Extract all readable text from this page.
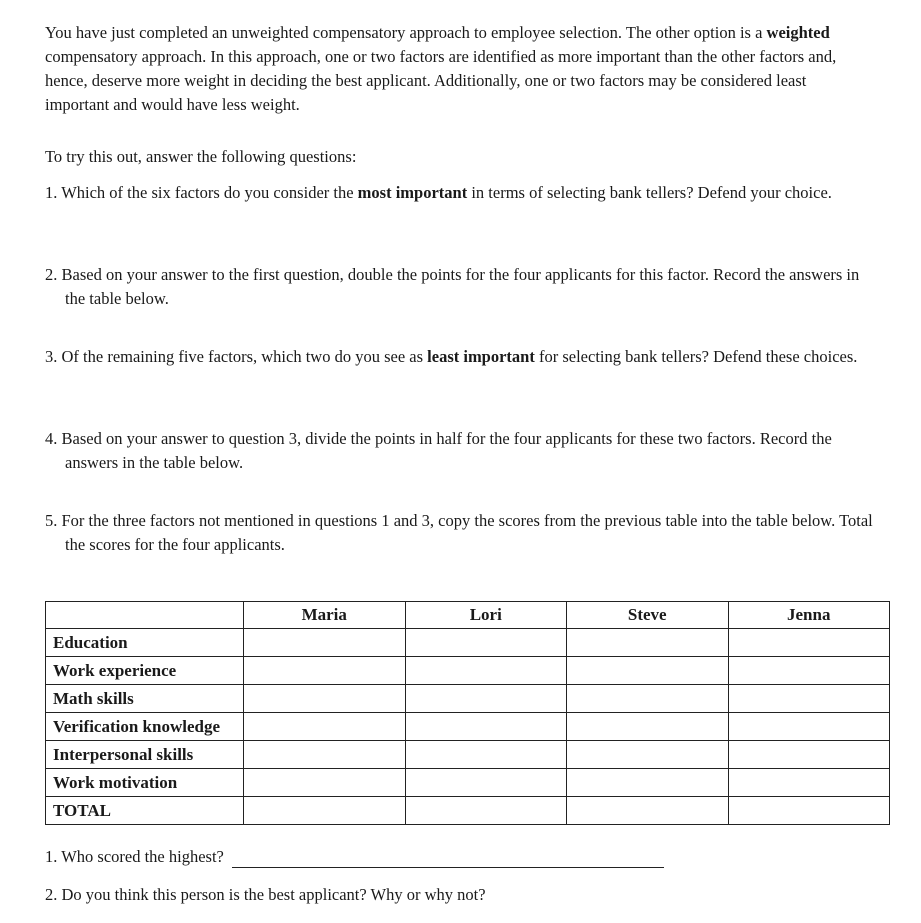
You have just completed an unweighted compensatory approach to employee selection. The other option is a weighted compensatory approach. In this approach, one or two factors are identified as more important than the other factors and, hence, deserve more weight in deciding the best applicant. Additionally, one or two factors may be considered least important and would have less weight.

To try this out, answer the following questions:

1. Which of the six factors do you consider the most important in terms of selecting bank tellers? Defend your choice.

2. Based on your answer to the first question, double the points for the four applicants for this factor. Record the answers in the table below.

3. Of the remaining five factors, which two do you see as least important for selecting bank tellers? Defend these choices.

4. Based on your answer to question 3, divide the points in half for the four applicants for these two factors. Record the answers in the table below.

5. For the three factors not mentioned in questions 1 and 3, copy the scores from the previous table into the table below. Total the scores for the four applicants.

	Maria	Lori	Steve	Jenna
Education				
Work experience				
Math skills				
Verification knowledge				
Interpersonal skills				
Work motivation				
TOTAL				

1. Who scored the highest?

2. Do you think this person is the best applicant? Why or why not?
